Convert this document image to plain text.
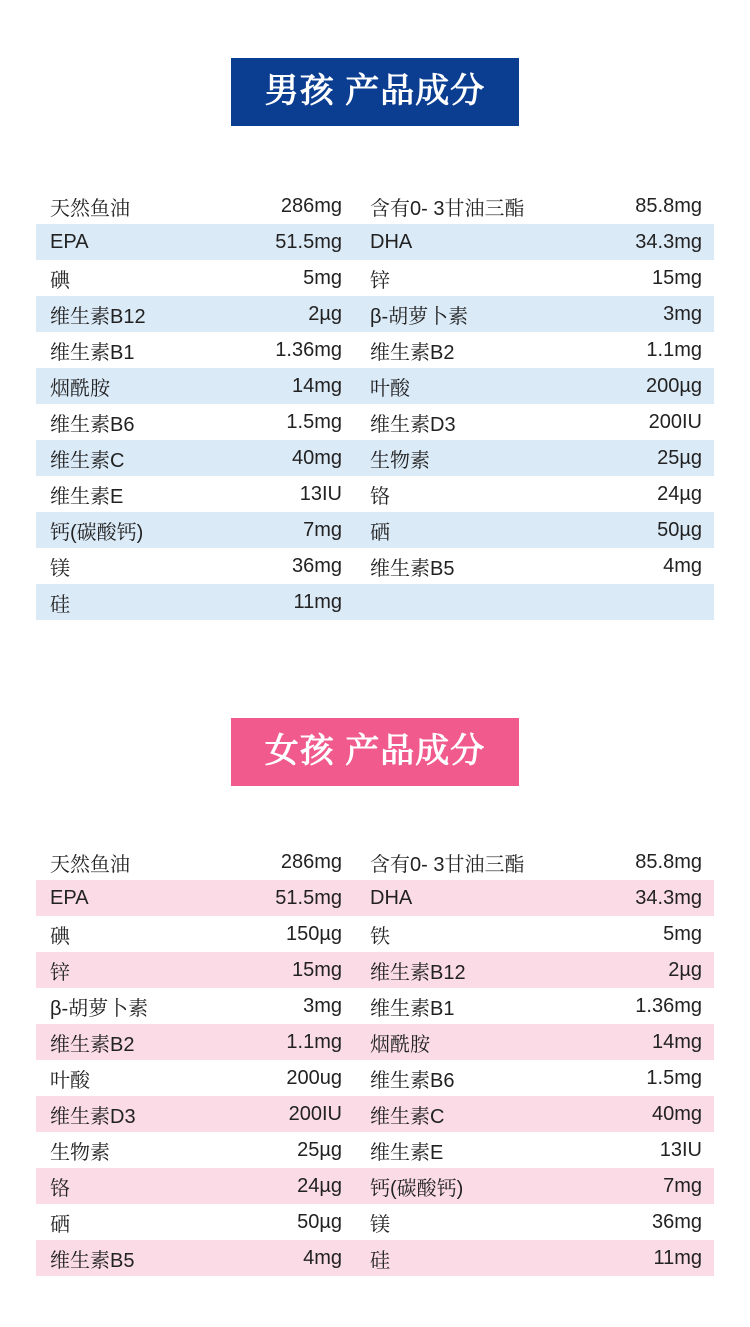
男孩 产品成分
天然鱼油	286mg	含有0- 3甘油三酯	85.8mg
EPA	51.5mg	DHA	34.3mg
碘	5mg	锌	15mg
维生素B12	2µg	β-胡萝卜素	3mg
维生素B1	1.36mg	维生素B2	1.1mg
烟酰胺	14mg	叶酸	200µg
维生素B6	1.5mg	维生素D3	200IU
维生素C	40mg	生物素	25µg
维生素E	13IU	铬	24µg
钙(碳酸钙)	7mg	硒	50µg
镁	36mg	维生素B5	4mg
硅	11mg		
女孩 产品成分
天然鱼油	286mg	含有0- 3甘油三酯	85.8mg
EPA	51.5mg	DHA	34.3mg
碘	150µg	铁	5mg
锌	15mg	维生素B12	2µg
β-胡萝卜素	3mg	维生素B1	1.36mg
维生素B2	1.1mg	烟酰胺	14mg
叶酸	200ug	维生素B6	1.5mg
维生素D3	200IU	维生素C	40mg
生物素	25µg	维生素E	13IU
铬	24µg	钙(碳酸钙)	7mg
硒	50µg	镁	36mg
维生素B5	4mg	硅	11mg
